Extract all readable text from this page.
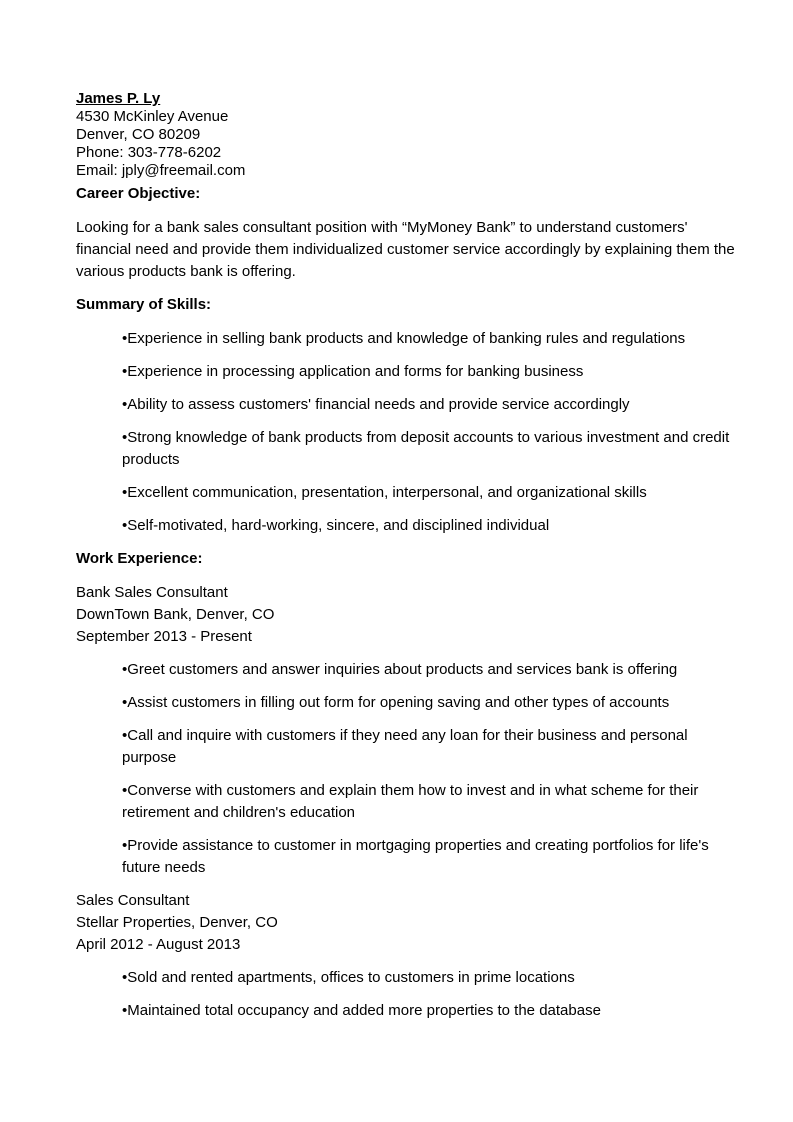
James P. Ly

4530 McKinley Avenue

Denver, CO 80209

Phone: 303-778-6202

Email: jply@freemail.com

Career Objective:

Looking for a bank sales consultant position with “MyMoney Bank” to understand customers' financial need and provide them individualized customer service accordingly by explaining them the various products bank is offering.

Summary of Skills:

•Experience in selling bank products and knowledge of banking rules and regulations

•Experience in processing application and forms for banking business

•Ability to assess customers' financial needs and provide service accordingly

•Strong knowledge of bank products from deposit accounts to various investment and credit products

•Excellent communication, presentation, interpersonal, and organizational skills

•Self-motivated, hard-working, sincere, and disciplined individual

Work Experience:

Bank Sales Consultant

DownTown Bank, Denver, CO

September 2013 - Present

•Greet customers and answer inquiries about products and services bank is offering

•Assist customers in filling out form for opening saving and other types of accounts

•Call and inquire with customers if they need any loan for their business and personal purpose

•Converse with customers and explain them how to invest and in what scheme for their retirement and children's education

•Provide assistance to customer in mortgaging properties and creating portfolios for life's future needs

Sales Consultant

Stellar Properties, Denver, CO

April 2012 - August 2013

•Sold and rented apartments, offices to customers in prime locations

•Maintained total occupancy and added more properties to the database
